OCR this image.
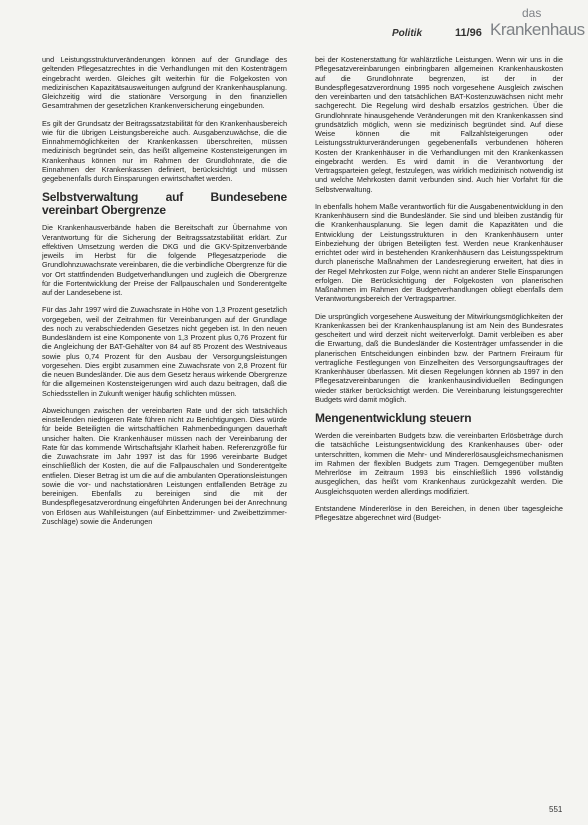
Politik	11/96
das
Krankenhaus

und Leistungsstrukturveränderungen können auf der Grundlage des geltenden Pflegesatzrechtes in die Verhandlungen mit den Kostenträgern eingebracht werden. Gleiches gilt weiterhin für die Folgekosten von medizinischen Kapazitätsausweitungen aufgrund der Krankenhausplanung. Gleichzeitig wird die stationäre Versorgung in den finanziellen Gesamtrahmen der gesetzlichen Krankenversicherung eingebunden.

Es gilt der Grundsatz der Beitragssatzstabilität für den Krankenhausbereich wie für die übrigen Leistungsbereiche auch. Ausgabenzuwächse, die die Einnahmemöglichkeiten der Krankenkassen überschreiten, müssen medizinisch begründet sein, das heißt allgemeine Kostensteigerungen im Krankenhaus können nur im Rahmen der Grundlohnrate, die die Einnahmen der Krankenkassen definiert, berücksichtigt und müssen gegebenenfalls durch Einsparungen erwirtschaftet werden.

Selbstverwaltung auf Bundesebene vereinbart Obergrenze

Die Krankenhausverbände haben die Bereitschaft zur Übernahme von Verantwortung für die Sicherung der Beitragssatzstabilität erklärt. Zur effektiven Umsetzung werden die DKG und die GKV-Spitzenverbände jeweils im Herbst für die folgende Pflegesatzperiode die Grundlohnzuwachsrate vereinbaren, die die verbindliche Obergrenze für die vor Ort stattfindenden Budgetverhandlungen und zugleich die Obergrenze für die Fortentwicklung der Preise der Fallpauschalen und Sonderentgelte auf der Landesebene ist.

Für das Jahr 1997 wird die Zuwachsrate in Höhe von 1,3 Prozent gesetzlich vorgegeben, weil der Zeitrahmen für Vereinbarungen auf der Grundlage des noch zu verabschiedenden Gesetzes nicht gegeben ist. In den neuen Bundesländern ist eine Komponente von 1,3 Prozent plus 0,76 Prozent für die Angleichung der BAT-Gehälter von 84 auf 85 Prozent des Westniveaus sowie plus 0,74 Prozent für den Ausbau der Versorgungsleistungen vorgesehen. Dies ergibt zusammen eine Zuwachsrate von 2,8 Prozent für die neuen Bundesländer. Die aus dem Gesetz heraus wirkende Obergrenze für die allgemeinen Kostensteigerungen wird auch dazu beitragen, daß die Schiedsstellen in Zukunft weniger häufig schlichten müssen.

Abweichungen zwischen der vereinbarten Rate und der sich tatsächlich einstellenden niedrigeren Rate führen nicht zu Berichtigungen. Dies würde für beide Beteiligten die wirtschaftlichen Rahmenbedingungen dauerhaft unsicher halten. Die Krankenhäuser müssen nach der Vereinbarung der Rate für das kommende Wirtschaftsjahr Klarheit haben. Referenzgröße für die Zuwachsrate im Jahr 1997 ist das für 1996 vereinbarte Budget einschließlich der Kosten, die auf die Fallpauschalen und Sonderentgelte entfielen. Dieser Betrag ist um die auf die ambulanten Operationsleistungen sowie die vor- und nachstationären Leistungen entfallenden Beträge zu bereinigen. Ebenfalls zu bereinigen sind die mit der Bundespflegesatzverordnung eingeführten Änderungen bei der Anrechnung von Erlösen aus Wahlleistungen (auf Einbettzimmer- und Zweibettzimmer-Zuschläge) sowie die Änderungen

bei der Kostenerstattung für wahlärztliche Leistungen. Wenn wir uns in die Pflegesatzvereinbarungen einbringbaren allgemeinen Krankenhauskosten auf die Grundlohnrate begrenzen, ist der in der Bundespflegesatzverordnung 1995 noch vorgesehene Ausgleich zwischen den vereinbarten und den tatsächlichen BAT-Kostenzuwächsen nicht mehr sachgerecht. Die Regelung wird deshalb ersatzlos gestrichen. Über die Grundlohnrate hinausgehende Veränderungen mit den Krankenkassen sind grundsätzlich möglich, wenn sie medizinisch begründet sind. Auf diese Weise können die mit Fallzahlsteigerungen oder Leistungsstrukturveränderungen gegebenenfalls verbundenen höheren Kosten der Krankenhäuser in die Verhandlungen mit den Krankenkassen eingebracht werden. Es wird damit in die Verantwortung der Vertragsparteien gelegt, festzulegen, was wirklich medizinisch notwendig ist und welche Mehrkosten damit verbunden sind. Auch hier Vorfahrt für die Selbstverwaltung.

In ebenfalls hohem Maße verantwortlich für die Ausgabenentwicklung in den Krankenhäusern sind die Bundesländer. Sie sind und bleiben zuständig für die Krankenhausplanung. Sie legen damit die Kapazitäten und die Entwicklung der Leistungsstrukturen in den Krankenhäusern unter Einbeziehung der übrigen Beteiligten fest. Werden neue Krankenhäuser errichtet oder wird in bestehenden Krankenhäusern das Leistungsspektrum durch planerische Maßnahmen der Landesregierung erweitert, hat dies in der Regel Mehrkosten zur Folge, wenn nicht an anderer Stelle Einsparungen erfolgen. Die Berücksichtigung der Folgekosten von planerischen Maßnahmen im Rahmen der Budgetverhandlungen obliegt ebenfalls dem Verantwortungsbereich der Vertragspartner.

Die ursprünglich vorgesehene Ausweitung der Mitwirkungsmöglichkeiten der Krankenkassen bei der Krankenhausplanung ist am Nein des Bundesrates gescheitert und wird derzeit nicht weiterverfolgt. Damit verbleiben es aber die Erwartung, daß die Bundesländer die Kostenträger umfassender in die planerischen Entscheidungen einbinden bzw. der Partnern Freiraum für vertragliche Festlegungen von Einzelheiten des Versorgungsauftrages der Krankenhäuser überlassen. Mit diesen Regelungen können ab 1997 in den Pflegesatzvereinbarungen die krankenhausindividuellen Bedingungen wieder stärker berücksichtigt werden. Die Vereinbarung leistungsgerechter Budgets wird damit möglich.

Mengenentwicklung steuern

Werden die vereinbarten Budgets bzw. die vereinbarten Erlösbeträge durch die tatsächliche Leistungsentwicklung des Krankenhauses über- oder unterschritten, kommen die Mehr- und Mindererlösausgleichsmechanismen im Rahmen der flexiblen Budgets zum Tragen. Demgegenüber mußten Mehrerlöse im Zeitraum 1993 bis einschließlich 1996 vollständig ausgeglichen, das heißt vom Krankenhaus zurückgezahlt werden. Die Ausgleichsquoten werden allerdings modifiziert.

Entstandene Mindererlöse in den Bereichen, in denen über tagesgleiche Pflegesätze abgerechnet wird (Budget-

551
